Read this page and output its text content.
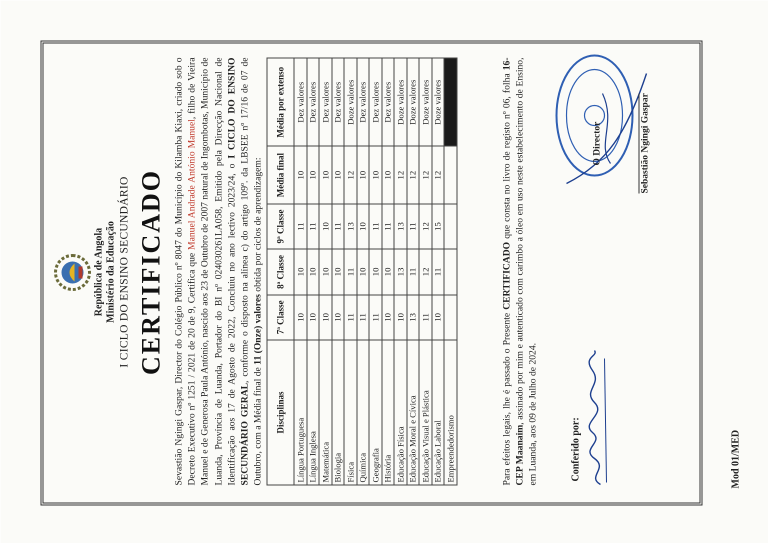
República de Angola Ministério da Educação I CICLO DO ENSINO SECUNDÁRIO CERTIFICADO Sevastião Ngingi Gaspar, Director do Colégio Público nº 8047 do Município do Kilamba Kiaxi, criado sob o Decreto Executivo nº 1251 / 2021 de 20 de 9, Certifica que Manuel Andrade António Manuel, filho de Vieira Manuel e de Generosa Paula António, nascido aos 23 de Outubro de 2007 natural de Ingombotas, Município de Luanda, Província de Luanda, Portador do BI nº 024030261LA058, Emitido pela Direcção Nacional de Identificação aos 17 de Agosto de 2022, Concluiu no ano lectivo 2023/24, o I CICLO DO ENSINO SECUNDÁRIO GERAL, conforme o disposto na alínea c) do artigo 109º. da LBSEE nº 17/16 de 07 de Outubro, com a Média final de 11 (Onze) valores obtida por ciclos de aprendizagem:
Disciplinas	7ª Classe	8ª Classe	9ª Classe	Média final	Média por extenso
Língua Portuguesa	10	10	11	10	Dez valores
Língua Inglesa	10	10	11	10	Dez valores
Matemática	10	10	10	10	Dez valores
Biologia	10	10	11	10	Dez valores
Física	11	11	13	12	Doze valores
Química	11	10	10	10	Dez valores
Geografia	11	10	11	10	Dez valores
História	10	10	11	10	Dez valores
Educação Física	10	13	13	12	Doze valores
Educação Moral e Cívica	13	11	11	12	Doze valores
Educação Visual e Plástica	11	12	12	12	Doze valores
Educação Laboral	10	11	15	12	Doze valores
Empreendedorismo						Para efeitos legais, lhe é passado o Presente CERTIFICADO que consta no livro de registo nº 06, folha 16-CEP Maanaim, assinado por mim e autenticado com carimbo a óleo em uso neste estabelecimento de Ensino, em Luanda, aos 09 de Julho de 2024.	Conferido por:
O Director	Sebastião Ngingi Gaspar
Mod 01/MED
